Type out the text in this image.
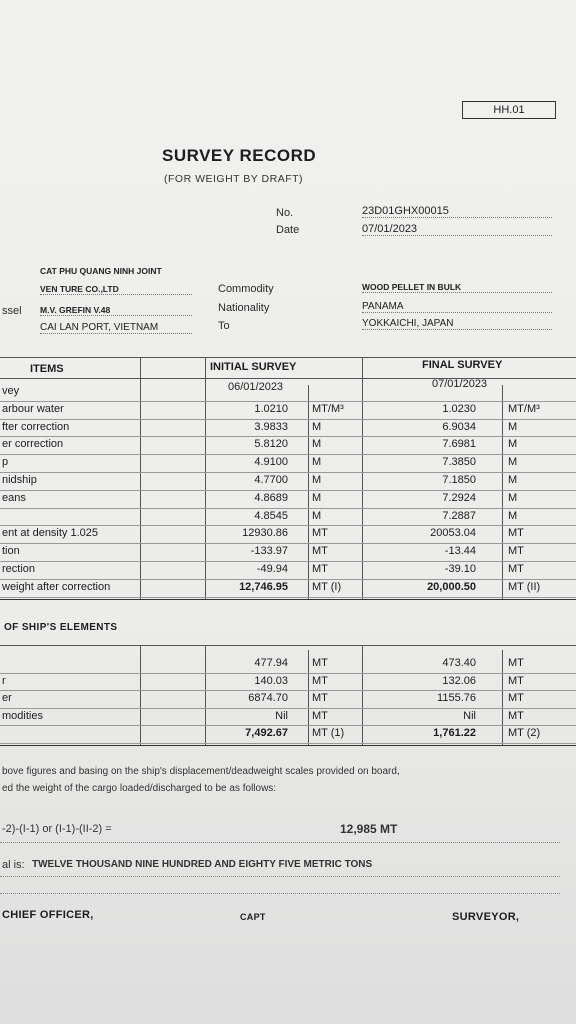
HH.01
SURVEY RECORD
(FOR WEIGHT BY DRAFT)
No.	23D01GHX00015
Date	07/01/2023
CAT PHU QUANG NINH JOINT
VEN TURE CO.,LTD
ssel M.V. GREFIN V.48
CAI LAN PORT, VIETNAM
Commodity	WOOD PELLET IN BULK
Nationality	PANAMA
To	YOKKAICHI, JAPAN
ITEMS	INITIAL SURVEY	FINAL SURVEY
06/01/2023	07/01/2023
vey
arbour water	1.0210 MT/M³	1.0230	MT/M³
fter correction	3.9833 M	6.9034	M
er correction	5.8120 M	7.6981	M
p	4.9100 M	7.3850	M
nidship	4.7700 M	7.1850	M
eans	4.8689 M	7.2924	M
4.8545 M	7.2887	M
ent at density 1.025	12930.86 MT	20053.04	MT
tion	-133.97 MT	-13.44	MT
rection	-49.94 MT	-39.10	MT
weight after correction	12,746.95 MT (I)	20,000.50	MT (II)
OF SHIP'S ELEMENTS
477.94 MT	473.40	MT
r	140.03 MT	132.06	MT
er	6874.70 MT	1155.76	MT
modities	Nil MT	Nil	MT
7,492.67 MT (1)	1,761.22	MT (2)
bove figures and basing on the ship's displacement/deadweight scales provided on board,
ed the weight of the cargo loaded/discharged to be as follows:
-2)-(I-1) or (I-1)-(II-2) =	12,985 MT
al is: TWELVE THOUSAND NINE HUNDRED AND EIGHTY FIVE METRIC TONS
CHIEF OFFICER,	CAPT	SURVEYOR,
